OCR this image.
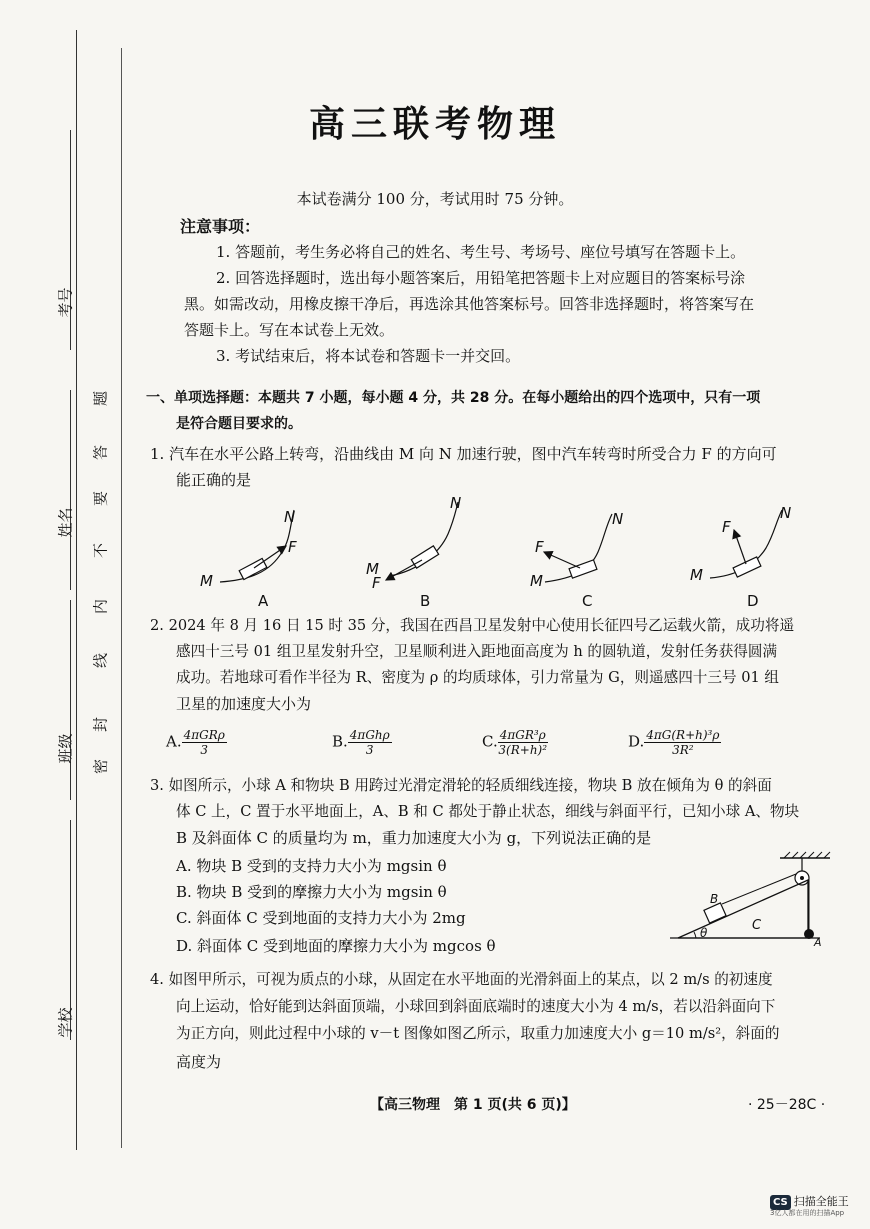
考号
姓名
班级
学校
密
封
线
内
不
要
答
题
高三联考物理
本试卷满分 100 分，考试用时 75 分钟。
注意事项：
1. 答题前，考生务必将自己的姓名、考生号、考场号、座位号填写在答题卡上。
2. 回答选择题时，选出每小题答案后，用铅笔把答题卡上对应题目的答案标号涂
黑。如需改动，用橡皮擦干净后，再选涂其他答案标号。回答非选择题时，将答案写在
答题卡上。写在本试卷上无效。
3. 考试结束后，将本试卷和答题卡一并交回。
一、单项选择题：本题共 7 小题，每小题 4 分，共 28 分。在每小题给出的四个选项中，只有一项
是符合题目要求的。
1. 汽车在水平公路上转弯，沿曲线由 M 向 N 加速行驶，图中汽车转弯时所受合力 F 的方向可
能正确的是
M
N
F
A
M
N
F
B
M
N
F
C
M
N
F
D
2. 2024 年 8 月 16 日 15 时 35 分，我国在西昌卫星发射中心使用长征四号乙运载火箭，成功将遥
感四十三号 01 组卫星发射升空，卫星顺利进入距地面高度为 h 的圆轨道，发射任务获得圆满
成功。若地球可看作半径为 R、密度为 ρ 的均质球体，引力常量为 G，则遥感四十三号 01 组
卫星的加速度大小为
A. $\frac{\text{4πGRρ}}{3}$	B. $\frac{\text{4πGhρ}}{3}$	C. $\frac{\text{4πGR³ρ}}{\text{3(R+h)²}}$	D. $\frac{\text{4πG(R+h)³ρ}}{\text{3R²}}$
3. 如图所示，小球 A 和物块 B 用跨过光滑定滑轮的轻质细线连接，物块 B 放在倾角为 θ 的斜面
体 C 上，C 置于水平地面上，A、B 和 C 都处于静止状态，细线与斜面平行，已知小球 A、物块
B 及斜面体 C 的质量均为 m，重力加速度大小为 g，下列说法正确的是
A. 物块 B 受到的支持力大小为 mgsin θ
B. 物块 B 受到的摩擦力大小为 mgsin θ
C. 斜面体 C 受到地面的支持力大小为 2mg
D. 斜面体 C 受到地面的摩擦力大小为 mgcos θ
B
C
θ
A
4. 如图甲所示，可视为质点的小球，从固定在水平地面的光滑斜面上的某点，以 2 m/s 的初速度
向上运动，恰好能到达斜面顶端，小球回到斜面底端时的速度大小为 4 m/s，若以沿斜面向下
为正方向，则此过程中小球的 v－t 图像如图乙所示，取重力加速度大小 g＝10 m/s²，斜面的
高度为
【高三物理　第 1 页(共 6 页)】	· 25－28C ·
CS 扫描全能王
3亿人都在用的扫描App
